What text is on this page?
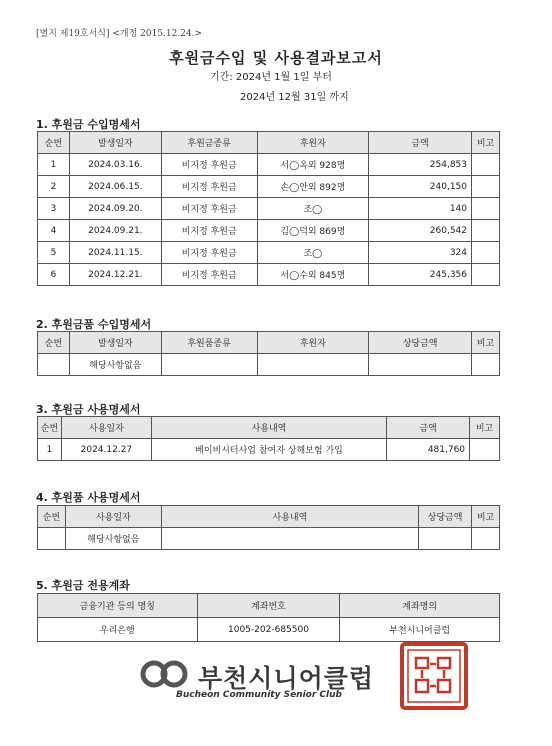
[별지 제19호서식] <개정 2015.12.24.>
후원금수입 및 사용결과보고서
기간: 2024년 1월 1일 부터
2024년 12월 31일 까지
1. 후원금 수입명세서
순번	발생일자	후원금종류	후원자	금액	비고
1	2024.03.16.	비지정 후원금	서◯옥외 928명	254,853	
2	2024.06.15.	비지정 후원금	손◯안외 892명	240,150	
3	2024.09.20.	비지정 후원금	조◯	140	
4	2024.09.21.	비지정 후원금	김◯덕외 869명	260,542	
5	2024.11.15.	비지정 후원금	조◯	324	
6	2024.12.21.	비지정 후원금	서◯수외 845명	245,356	
2. 후원금품 수입명세서
순번	발생일자	후원품종류	후원자	상당금액	비고
	해당사항없음				
3. 후원금 사용명세서
순번	사용일자	사용내역	금액	비고
1	2024.12.27	베이비시터사업 참여자 상해보험 가입	481,760	
4. 후원품 사용명세서
순번	사용일자	사용내역	상당금액	비고
	해당사항없음			
5. 후원금 전용계좌
금융기관 등의 명칭	계좌번호	계좌명의
우리은행	1005-202-685500	부천시니어클럽
부천시니어클럽
Bucheon Community Senior Club
